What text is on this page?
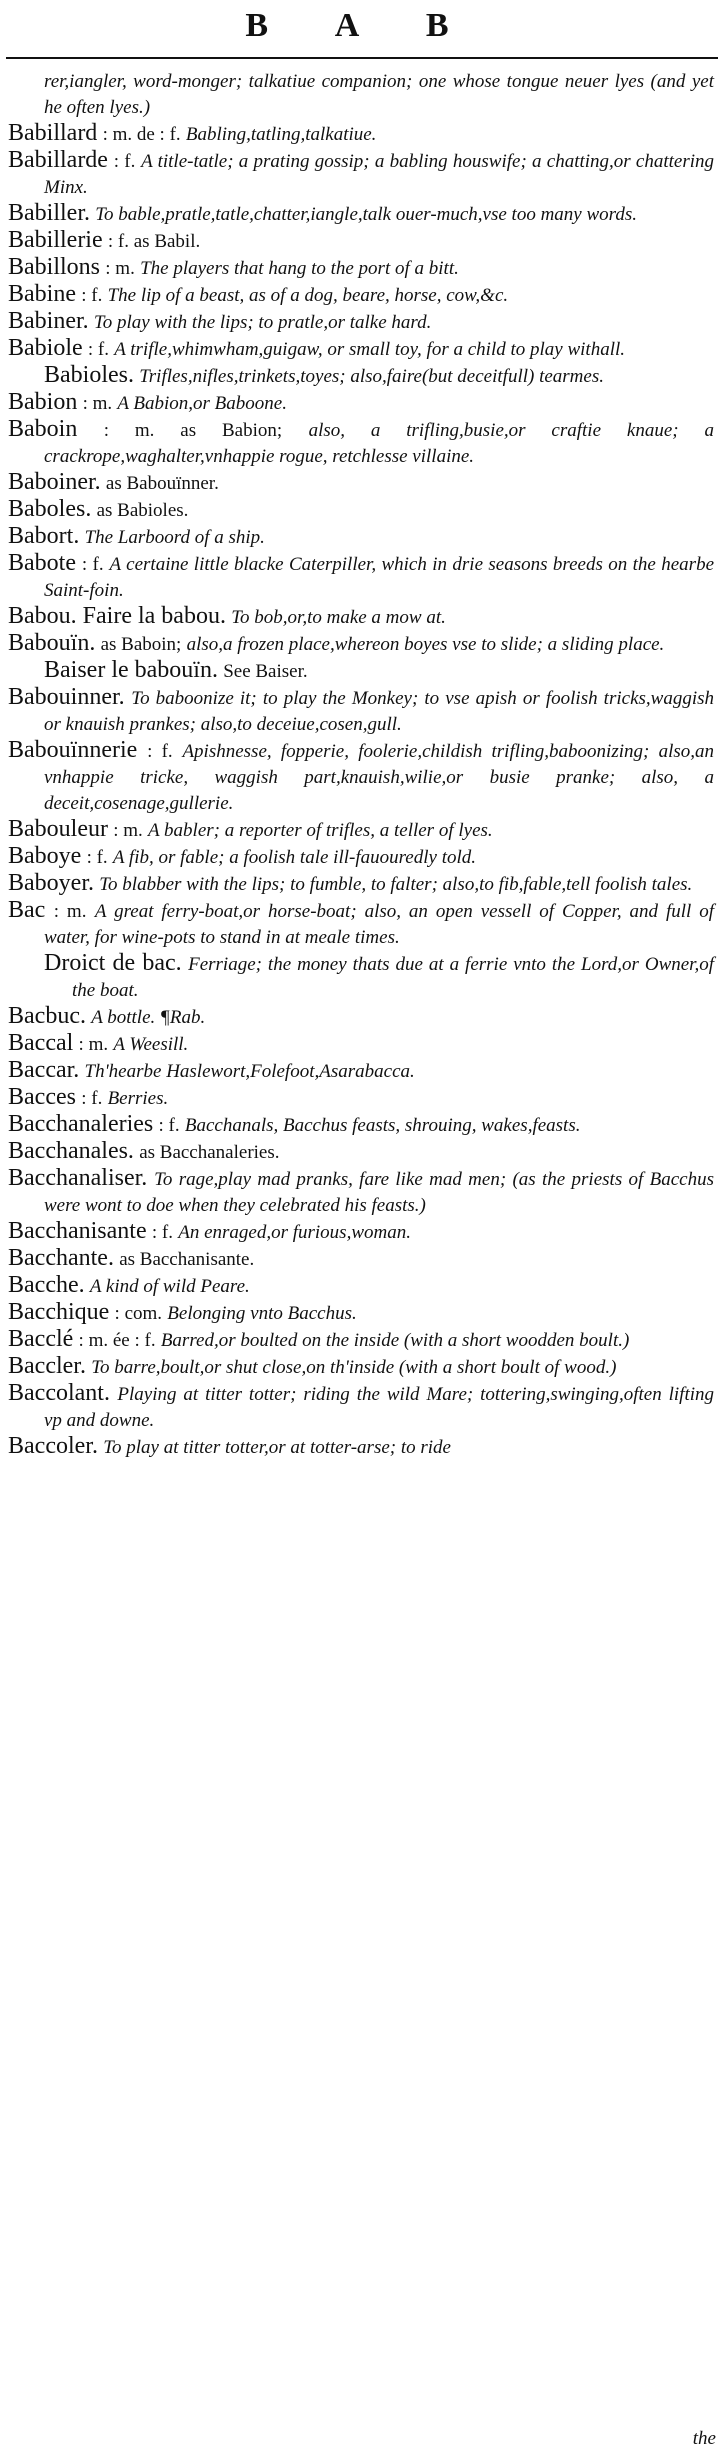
B A B
rer,iangler, word-monger; talkatiue companion; one whose tongue neuer lyes (and yet he often lyes.)
Babillard : m. de : f. Babling,tatling,talkatiue.
Babillarde : f. A title-tatle; a prating gossip; a babling houswife; a chatting,or chattering Minx.
Babiller. To bable,pratle,tatle,chatter,iangle,talk ouer-much,vse too many words.
Babillerie : f. as Babil.
Babillons : m. The players that hang to the port of a bitt.
Babine : f. The lip of a beast, as of a dog, beare, horse, cow,&c.
Babiner. To play with the lips; to pratle,or talke hard.
Babiole : f. A trifle,whimwham,guigaw, or small toy, for a child to play withall.
Babioles. Trifles,nifles,trinkets,toyes; also,faire(but deceitfull) tearmes.
Babion : m. A Babion,or Baboone.
Baboin : m. as Babion; also, a trifling,busie,or craftie knaue; a crackrope,waghalter,vnhappie rogue, retchlesse villaine.
Baboiner. as Babouïnner.
Baboles. as Babioles.
Babort. The Larboord of a ship.
Babote : f. A certaine little blacke Caterpiller, which in drie seasons breeds on the hearbe Saint-foin.
Babou. Faire la babou. To bob,or,to make a mow at.
Babouïn. as Baboin; also,a frozen place,whereon boyes vse to slide; a sliding place.
Baiser le babouïn. See Baiser.
Babouinner. To baboonize it; to play the Monkey; to vse apish or foolish tricks,waggish or knauish prankes; also,to deceiue,cosen,gull.
Babouïnnerie : f. Apishnesse, fopperie, foolerie,childish trifling,baboonizing; also,an vnhappie tricke, waggish part,knauish,wilie,or busie pranke; also, a deceit,cosenage,gullerie.
Babouleur : m. A babler; a reporter of trifles, a teller of lyes.
Baboye : f. A fib, or fable; a foolish tale ill-fauouredly told.
Baboyer. To blabber with the lips; to fumble, to falter; also,to fib,fable,tell foolish tales.
Bac : m. A great ferry-boat,or horse-boat; also, an open vessell of Copper, and full of water, for wine-pots to stand in at meale times.
Droict de bac. Ferriage; the money thats due at a ferrie vnto the Lord,or Owner,of the boat.
Bacbuc. A bottle. ¶Rab.
Baccal : m. A Weesill.
Baccar. Th'hearbe Haslewort,Folefoot,Asarabacca.
Bacces : f. Berries.
Bacchanaleries : f. Bacchanals, Bacchus feasts, shrouing, wakes,feasts.
Bacchanales. as Bacchanaleries.
Bacchanaliser. To rage,play mad pranks, fare like mad men; (as the priests of Bacchus were wont to doe when they celebrated his feasts.)
Bacchanisante : f. An enraged,or furious,woman.
Bacchante. as Bacchanisante.
Bacche. A kind of wild Peare.
Bacchique : com. Belonging vnto Bacchus.
Bacclé : m. ée : f. Barred,or boulted on the inside (with a short woodden boult.)
Baccler. To barre,boult,or shut close,on th'inside (with a short boult of wood.)
Baccolant. Playing at titter totter; riding the wild Mare; tottering,swinging,often lifting vp and downe.
Baccoler. To play at titter totter,or at totter-arse; to ride
the
